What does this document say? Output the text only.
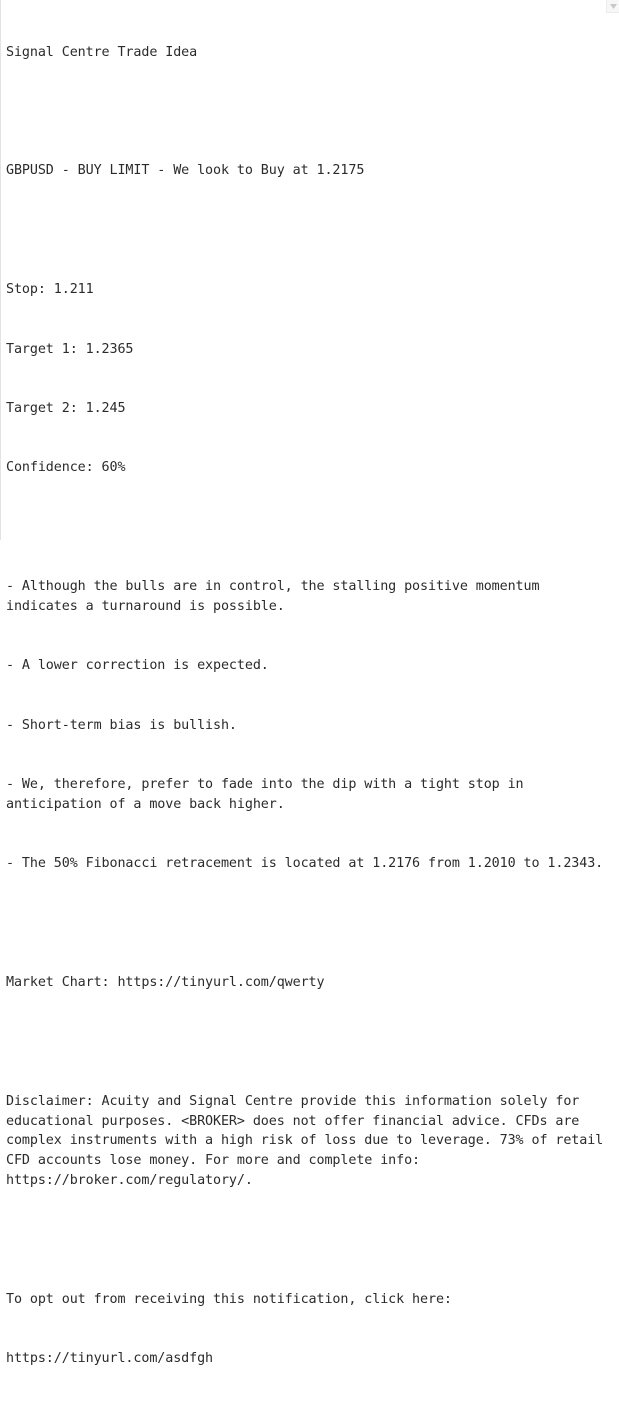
Signal Centre Trade Idea

GBPUSD - BUY LIMIT - We look to Buy at 1.2175

Stop: 1.211

Target 1: 1.2365

Target 2: 1.245

Confidence: 60%

- Although the bulls are in control, the stalling positive momentum indicates a turnaround is possible.

- A lower correction is expected.

- Short-term bias is bullish.

- We, therefore, prefer to fade into the dip with a tight stop in anticipation of a move back higher.

- The 50% Fibonacci retracement is located at 1.2176 from 1.2010 to 1.2343.

Market Chart: https://tinyurl.com/qwerty

Disclaimer: Acuity and Signal Centre provide this information solely for educational purposes. <BROKER> does not offer financial advice. CFDs are complex instruments with a high risk of loss due to leverage. 73% of retail CFD accounts lose money. For more and complete info: https://broker.com/regulatory/.

To opt out from receiving this notification, click here:

https://tinyurl.com/asdfgh
